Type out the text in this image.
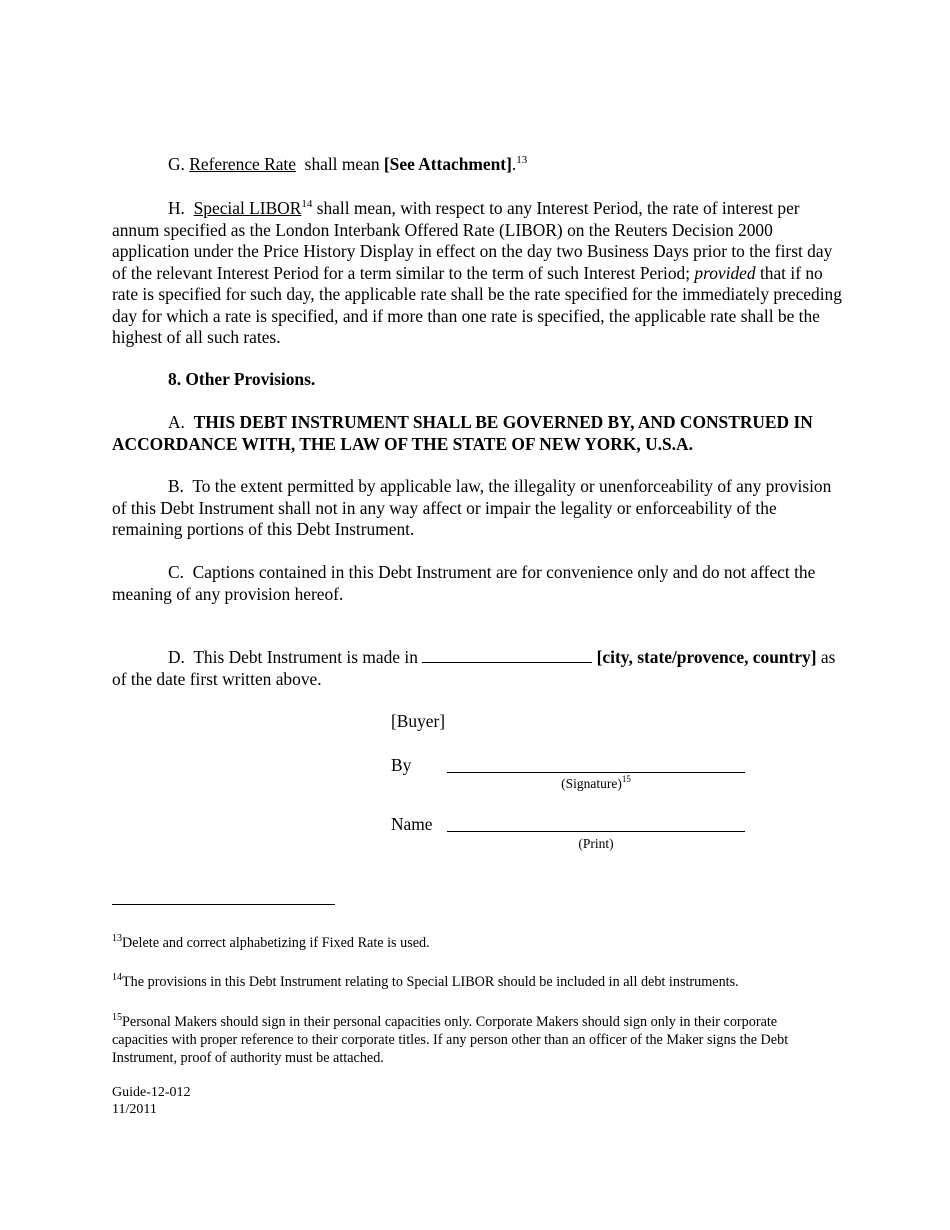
G. Reference Rate shall mean [See Attachment].$^{13}$

H. Special LIBOR$^{14}$ shall mean, with respect to any Interest Period, the rate of interest per annum specified as the London Interbank Offered Rate (LIBOR) on the Reuters Decision 2000 application under the Price History Display in effect on the day two Business Days prior to the first day of the relevant Interest Period for a term similar to the term of such Interest Period; provided that if no rate is specified for such day, the applicable rate shall be the rate specified for the immediately preceding day for which a rate is specified, and if more than one rate is specified, the applicable rate shall be the highest of all such rates.

8. Other Provisions.

A. THIS DEBT INSTRUMENT SHALL BE GOVERNED BY, AND CONSTRUED IN ACCORDANCE WITH, THE LAW OF THE STATE OF NEW YORK, U.S.A.

B. To the extent permitted by applicable law, the illegality or unenforceability of any provision of this Debt Instrument shall not in any way affect or impair the legality or enforceability of the remaining portions of this Debt Instrument.

C. Captions contained in this Debt Instrument are for convenience only and do not affect the meaning of any provision hereof.

D. This Debt Instrument is made in	[city, state/provence, country] as of the date first written above.

[Buyer]
By
(Signature)$^{15}$
Name
(Print)

$^{13}$Delete and correct alphabetizing if Fixed Rate is used.

$^{14}$The provisions in this Debt Instrument relating to Special LIBOR should be included in all debt instruments.

$^{15}$Personal Makers should sign in their personal capacities only. Corporate Makers should sign only in their corporate capacities with proper reference to their corporate titles. If any person other than an officer of the Maker signs the Debt Instrument, proof of authority must be attached.

Guide-12-012
11/2011
